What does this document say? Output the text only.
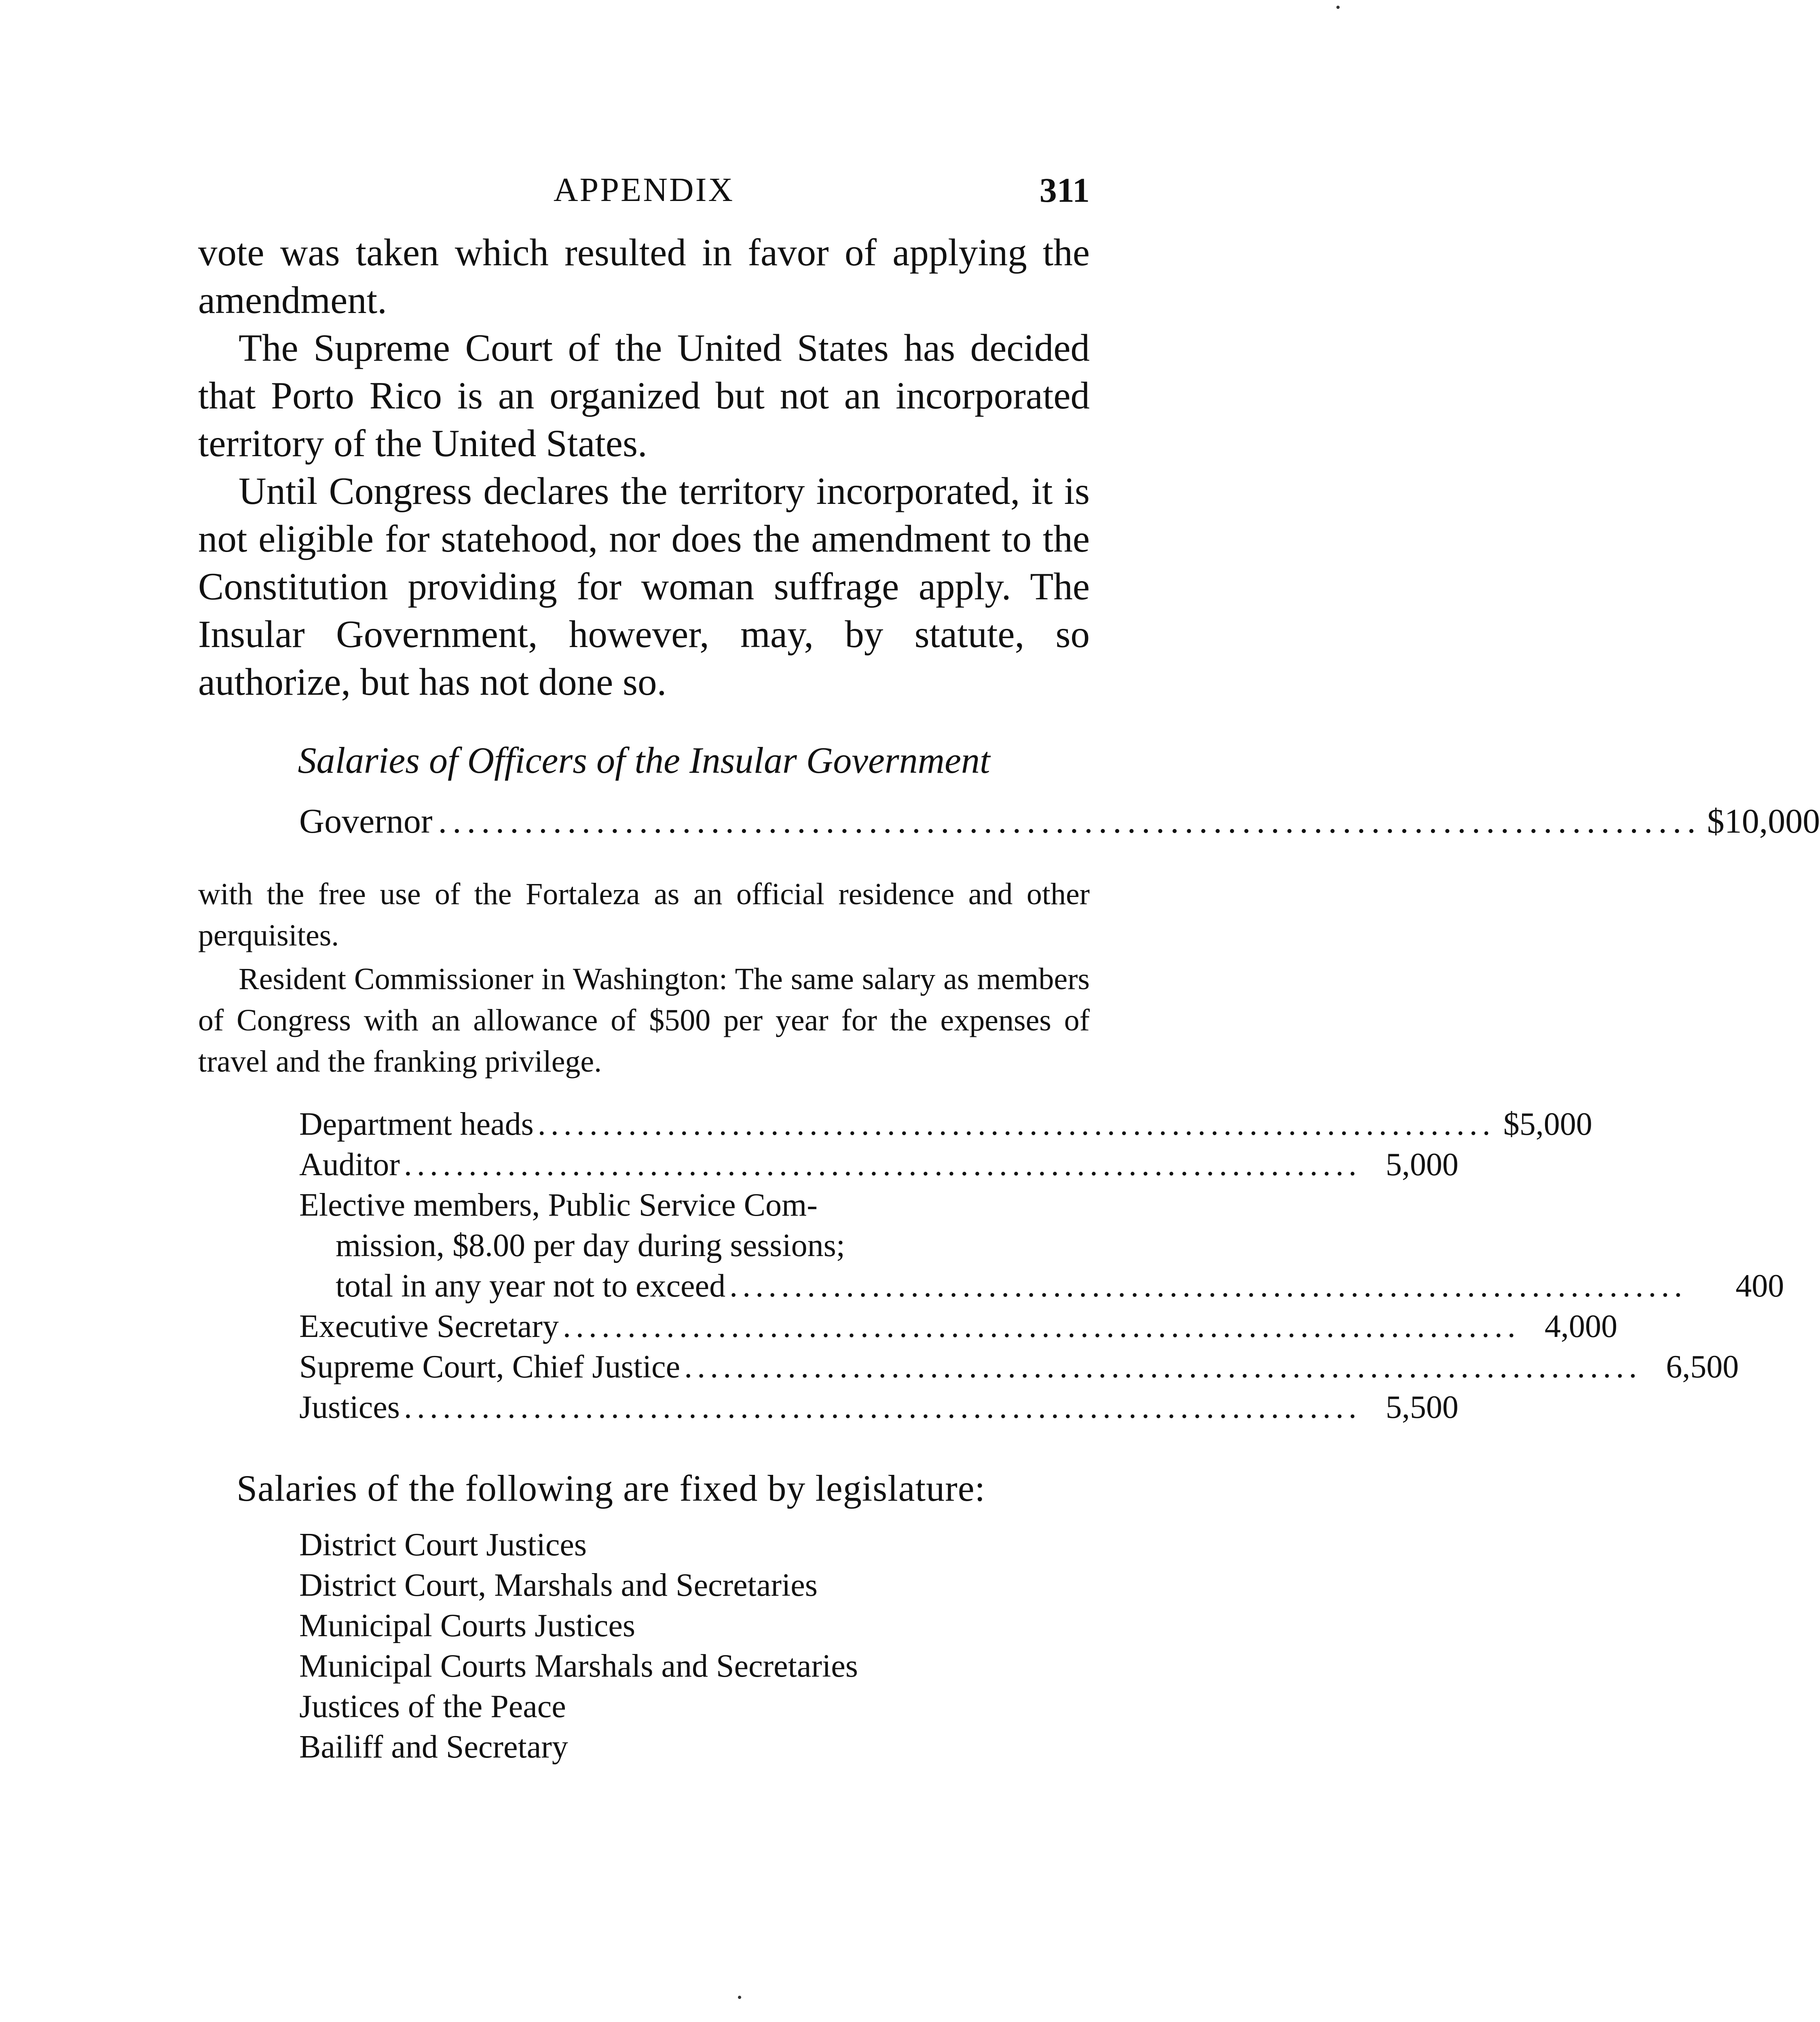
APPENDIX	311

vote was taken which resulted in favor of applying the amendment.

The Supreme Court of the United States has decided that Porto Rico is an organized but not an incorporated territory of the United States.

Until Congress declares the territory incorporated, it is not eligible for statehood, nor does the amendment to the Constitution providing for woman suffrage apply. The Insular Government, however, may, by statute, so authorize, but has not done so.

Salaries of Officers of the Insular Government
Governor ........................................................................................ $10,000

with the free use of the Fortaleza as an official residence and other perquisites.

Resident Commissioner in Washington: The same salary as members of Congress with an allowance of $500 per year for the expenses of travel and the franking privilege.

Department heads .......................................................................... $5,000
Auditor .......................................................................... 5,000
Elective members, Public Service Com-
mission, $8.00 per day during sessions;
total in any year not to exceed ..........................................................................	400
Executive Secretary .......................................................................... 4,000
Supreme Court, Chief Justice .......................................................................... 6,500
Justices .......................................................................... 5,500
Salaries of the following are fixed by legislature:
District Court Justices
District Court, Marshals and Secretaries
Municipal Courts Justices
Municipal Courts Marshals and Secretaries
Justices of the Peace
Bailiff and Secretary
